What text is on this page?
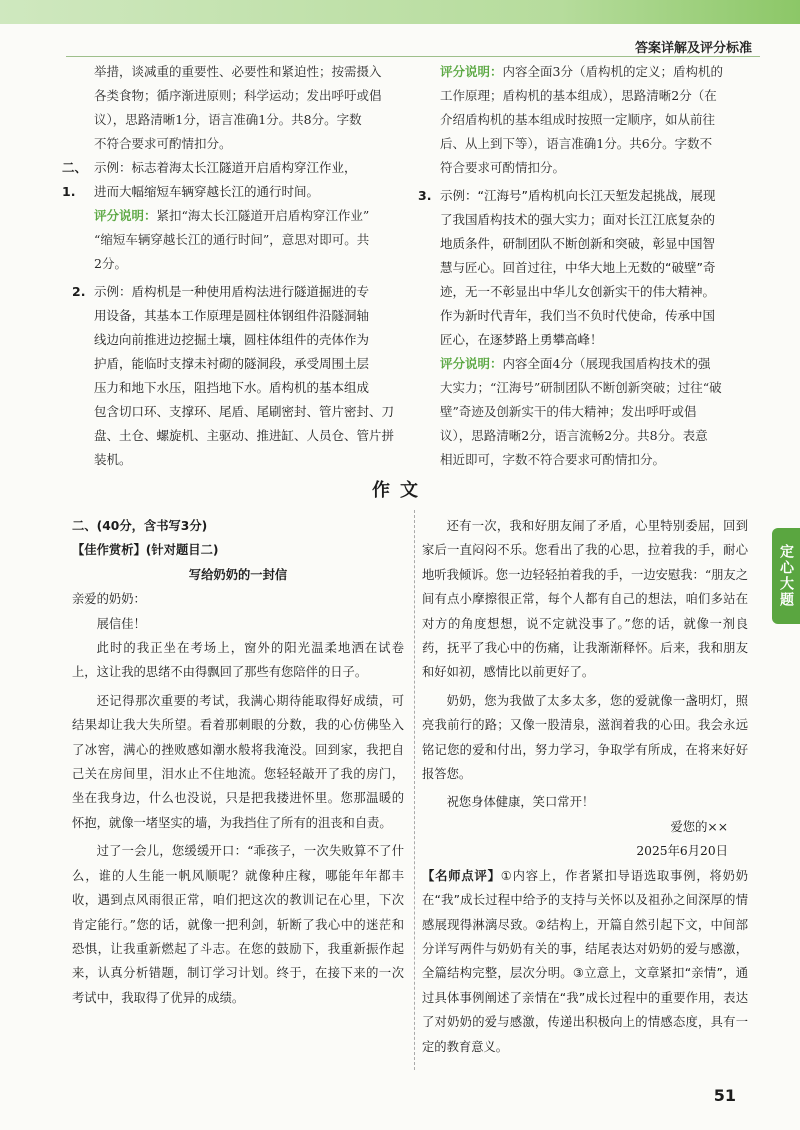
答案详解及评分标准
定心大题

举措，谈减重的重要性、必要性和紧迫性；按需摄入

各类食物；循序渐进原则；科学运动；发出呼吁或倡

议），思路清晰1分，语言准确1分。共8分。字数

不符合要求可酌情扣分。

二、1.

示例：标志着海太长江隧道开启盾构穿江作业，

进而大幅缩短车辆穿越长江的通行时间。

评分说明：紧扣“海太长江隧道开启盾构穿江作业”

“缩短车辆穿越长江的通行时间”，意思对即可。共

2分。

2. 示例：盾构机是一种使用盾构法进行隧道掘进的专

用设备，其基本工作原理是圆柱体钢组件沿隧洞轴

线边向前推进边挖掘土壤，圆柱体组件的壳体作为

护盾，能临时支撑未衬砌的隧洞段，承受周围土层

压力和地下水压，阻挡地下水。盾构机的基本组成

包含切口环、支撑环、尾盾、尾刷密封、管片密封、刀

盘、土仓、螺旋机、主驱动、推进缸、人员仓、管片拼

装机。

评分说明：内容全面3分（盾构机的定义；盾构机的

工作原理；盾构机的基本组成），思路清晰2分（在

介绍盾构机的基本组成时按照一定顺序，如从前往

后、从上到下等），语言准确1分。共6分。字数不

符合要求可酌情扣分。

3. 示例：“江海号”盾构机向长江天堑发起挑战，展现

了我国盾构技术的强大实力；面对长江江底复杂的

地质条件，研制团队不断创新和突破，彰显中国智

慧与匠心。回首过往，中华大地上无数的“破壁”奇

迹，无一不彰显出中华儿女创新实干的伟大精神。

作为新时代青年，我们当不负时代使命，传承中国

匠心，在逐梦路上勇攀高峰！

评分说明：内容全面4分（展现我国盾构技术的强

大实力；“江海号”研制团队不断创新突破；过往“破

壁”奇迹及创新实干的伟大精神；发出呼吁或倡

议），思路清晰2分，语言流畅2分。共8分。表意

相近即可，字数不符合要求可酌情扣分。

作文

二、(40分，含书写3分)

【佳作赏析】(针对题目二)

写给奶奶的一封信

亲爱的奶奶：

展信佳！

此时的我正坐在考场上，窗外的阳光温柔地洒在试卷上，这让我的思绪不由得飘回了那些有您陪伴的日子。

还记得那次重要的考试，我满心期待能取得好成绩，可结果却让我大失所望。看着那刺眼的分数，我的心仿佛坠入了冰窖，满心的挫败感如潮水般将我淹没。回到家，我把自己关在房间里，泪水止不住地流。您轻轻敲开了我的房门，坐在我身边，什么也没说，只是把我搂进怀里。您那温暖的怀抱，就像一堵坚实的墙，为我挡住了所有的沮丧和自责。

过了一会儿，您缓缓开口：“乖孩子，一次失败算不了什么，谁的人生能一帆风顺呢？就像种庄稼，哪能年年都丰收，遇到点风雨很正常，咱们把这次的教训记在心里，下次肯定能行。”您的话，就像一把利剑，斩断了我心中的迷茫和恐惧，让我重新燃起了斗志。在您的鼓励下，我重新振作起来，认真分析错题，制订学习计划。终于，在接下来的一次考试中，我取得了优异的成绩。

还有一次，我和好朋友闹了矛盾，心里特别委屈，回到家后一直闷闷不乐。您看出了我的心思，拉着我的手，耐心地听我倾诉。您一边轻轻拍着我的手，一边安慰我：“朋友之间有点小摩擦很正常，每个人都有自己的想法，咱们多站在对方的角度想想，说不定就没事了。”您的话，就像一剂良药，抚平了我心中的伤痛，让我渐渐释怀。后来，我和朋友和好如初，感情比以前更好了。

奶奶，您为我做了太多太多，您的爱就像一盏明灯，照亮我前行的路；又像一股清泉，滋润着我的心田。我会永远铭记您的爱和付出，努力学习，争取学有所成，在将来好好报答您。

祝您身体健康，笑口常开！

爱您的××

2025年6月20日

【名师点评】①内容上，作者紧扣导语选取事例，将奶奶在“我”成长过程中给予的支持与关怀以及祖孙之间深厚的情感展现得淋漓尽致。②结构上，开篇自然引起下文，中间部分详写两件与奶奶有关的事，结尾表达对奶奶的爱与感激，全篇结构完整，层次分明。③立意上，文章紧扣“亲情”，通过具体事例阐述了亲情在“我”成长过程中的重要作用，表达了对奶奶的爱与感激，传递出积极向上的情感态度，具有一定的教育意义。

51
